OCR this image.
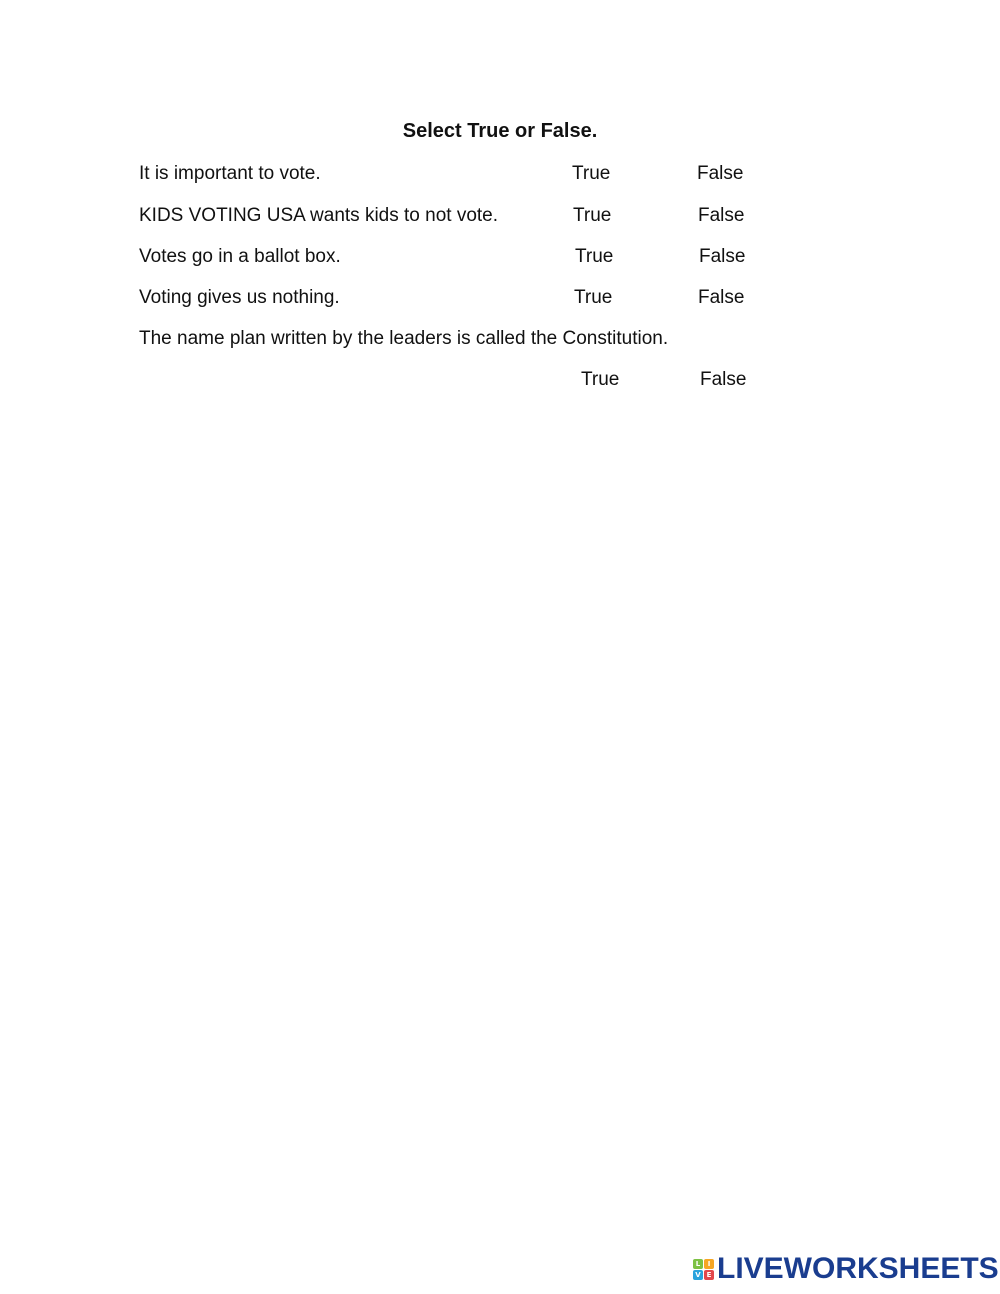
Select True or False.
It is important to vote.	True	False
KIDS VOTING USA wants kids to not vote.	True	False
Votes go in a ballot box.	True	False
Voting gives us nothing.	True	False
The name plan written by the leaders is called the Constitution.
True	False
L	I
V E LIVEWORKSHEETS
